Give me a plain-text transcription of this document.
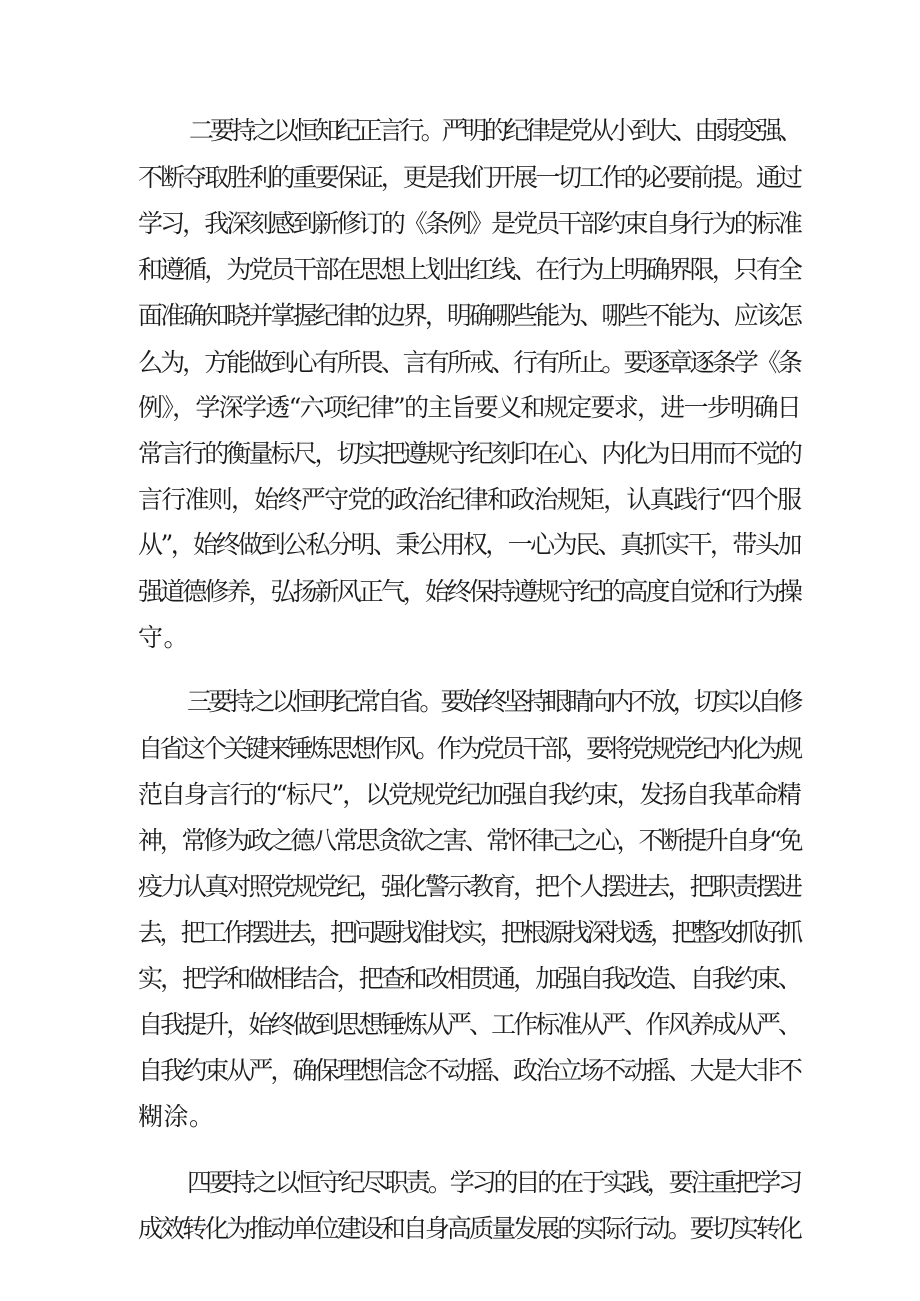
二要持之以恒知纪正言行。严明的纪律是党从小到大、由弱变强、
不断夺取胜利的重要保证，更是我们开展一切工作的必要前提。通过
学习，我深刻感到新修订的《条例》是党员干部约束自身行为的标准
和遵循，为党员干部在思想上划出红线、在行为上明确界限，只有全
面准确知晓并掌握纪律的边界，明确哪些能为、哪些不能为、应该怎
么为，方能做到心有所畏、言有所戒、行有所止。要逐章逐条学《条
例》，学深学透“六项纪律”的主旨要义和规定要求，进一步明确日
常言行的衡量标尺，切实把遵规守纪刻印在心、内化为日用而不觉的
言行准则，始终严守党的政治纪律和政治规矩，认真践行“四个服
从”，始终做到公私分明、秉公用权，一心为民、真抓实干，带头加
强道德修养，弘扬新风正气，始终保持遵规守纪的高度自觉和行为操
守。
三要持之以恒明纪常自省。要始终坚持眼睛向内不放，切实以自修
自省这个关键来锤炼思想作风。作为党员干部，要将党规党纪内化为规
范自身言行的“标尺”，以党规党纪加强自我约束，发扬自我革命精
神，常修为政之德八常思贪欲之害、常怀律己之心，不断提升自身“免
疫力认真对照党规党纪，强化警示教育，把个人摆进去，把职责摆进
去，把工作摆进去，把问题找准找实，把根源找深找透，把整改抓好抓
实，把学和做相结合，把查和改相贯通，加强自我改造、自我约束、
自我提升，始终做到思想锤炼从严、工作标准从严、作风养成从严、
自我约束从严，确保理想信念不动摇、政治立场不动摇、大是大非不
糊涂。
四要持之以恒守纪尽职责。学习的目的在于实践，要注重把学习
成效转化为推动单位建设和自身高质量发展的实际行动。要切实转化
